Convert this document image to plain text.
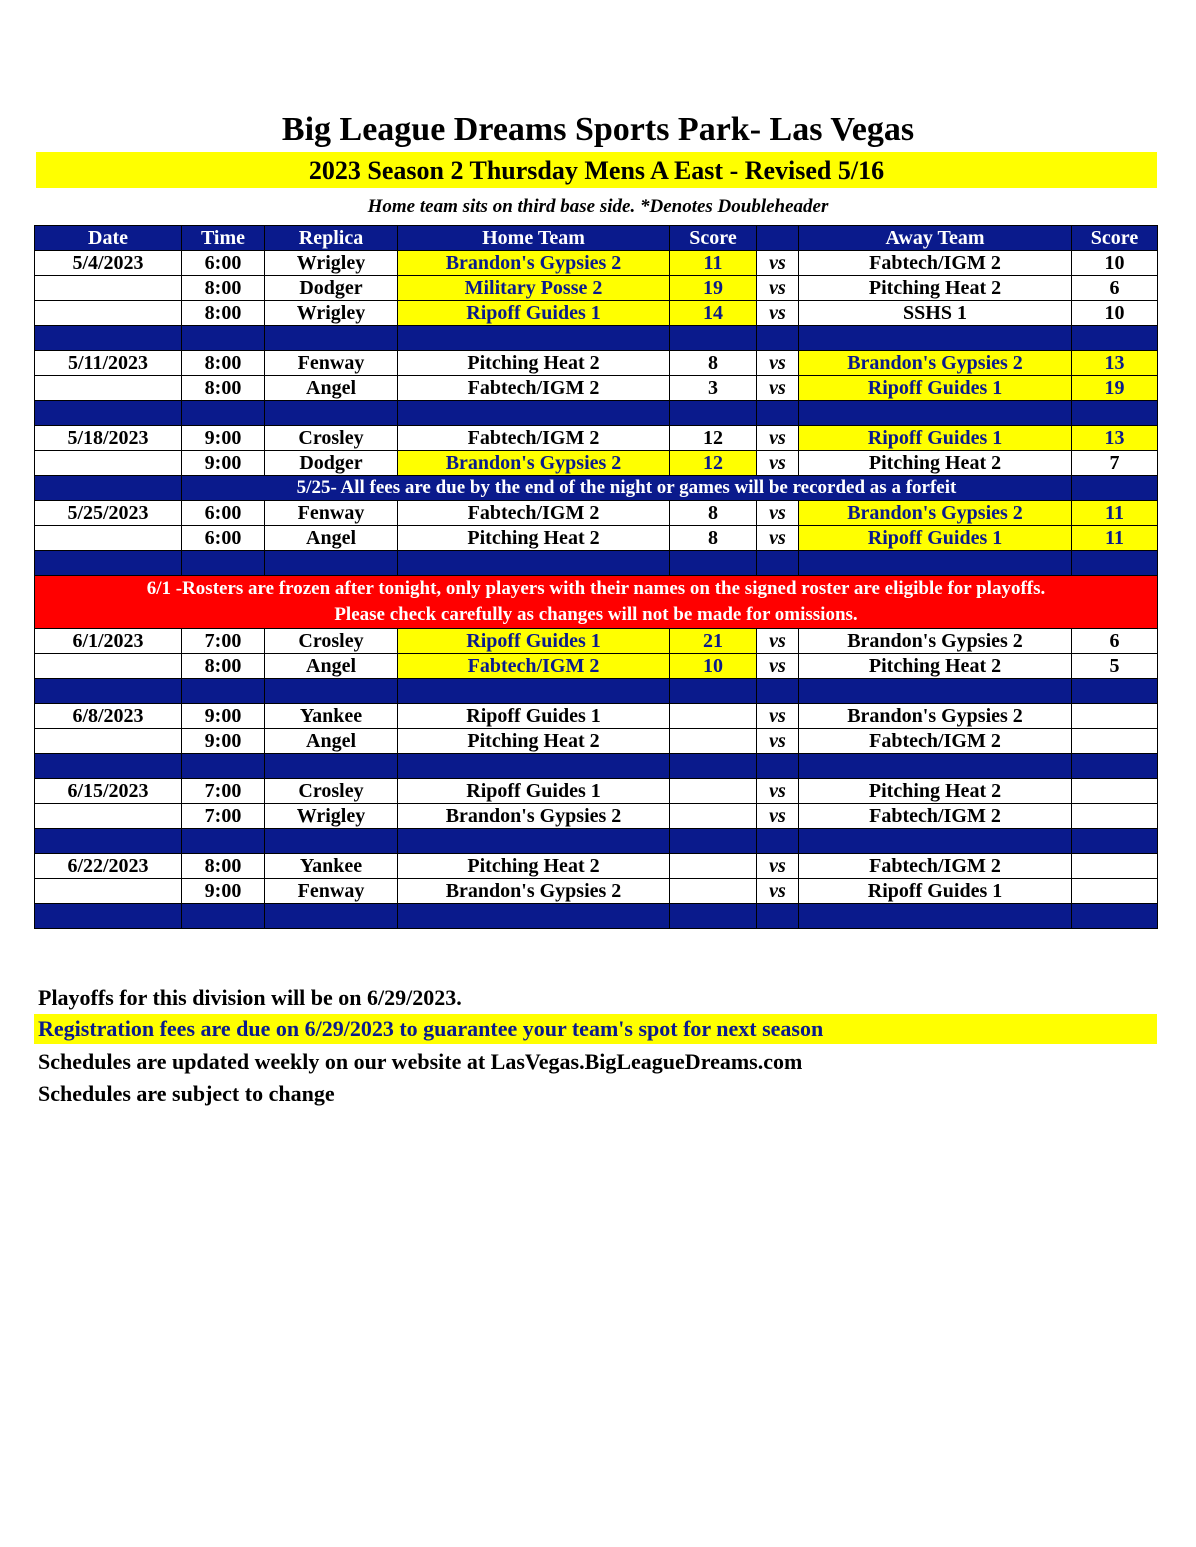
Big League Dreams Sports Park- Las Vegas
2023 Season 2 Thursday Mens A East - Revised 5/16
Home team sits on third base side. *Denotes Doubleheader
Date	Time	Replica	Home Team	Score		Away Team	Score
5/4/2023	6:00	Wrigley	Brandon's Gypsies 2	11	vs	Fabtech/IGM 2	10
	8:00	Dodger	Military Posse 2	19	vs	Pitching Heat 2	6
	8:00	Wrigley	Ripoff Guides 1	14	vs	SSHS 1	10

5/11/2023	8:00	Fenway	Pitching Heat 2	8	vs	Brandon's Gypsies 2	13
	8:00	Angel	Fabtech/IGM 2	3	vs	Ripoff Guides 1	19

5/18/2023	9:00	Crosley	Fabtech/IGM 2	12	vs	Ripoff Guides 1	13
	9:00	Dodger	Brandon's Gypsies 2	12	vs	Pitching Heat 2	7
	5/25- All fees are due by the end of the night or games will be recorded as a forfeit						
5/25/2023	6:00	Fenway	Fabtech/IGM 2	8	vs	Brandon's Gypsies 2	11
	6:00	Angel	Pitching Heat 2	8	vs	Ripoff Guides 1	11

6/1 -Rosters are frozen after tonight, only players with their names on the signed roster are eligible for playoffs.
Please check carefully as changes will not be made for omissions.							

6/1/2023	7:00	Crosley	Ripoff Guides 1	21	vs	Brandon's Gypsies 2	6
	8:00	Angel	Fabtech/IGM 2	10	vs	Pitching Heat 2	5

6/8/2023	9:00	Yankee	Ripoff Guides 1		vs	Brandon's Gypsies 2	
	9:00	Angel	Pitching Heat 2		vs	Fabtech/IGM 2	

6/15/2023	7:00	Crosley	Ripoff Guides 1		vs	Pitching Heat 2	
	7:00	Wrigley	Brandon's Gypsies 2		vs	Fabtech/IGM 2	

6/22/2023	8:00	Yankee	Pitching Heat 2		vs	Fabtech/IGM 2	
	9:00	Fenway	Brandon's Gypsies 2		vs	Ripoff Guides 1	

Playoffs for this division will be on 6/29/2023.
Registration fees are due on 6/29/2023 to guarantee your team's spot for next season
Schedules are updated weekly on our website at LasVegas.BigLeagueDreams.com
Schedules are subject to change
